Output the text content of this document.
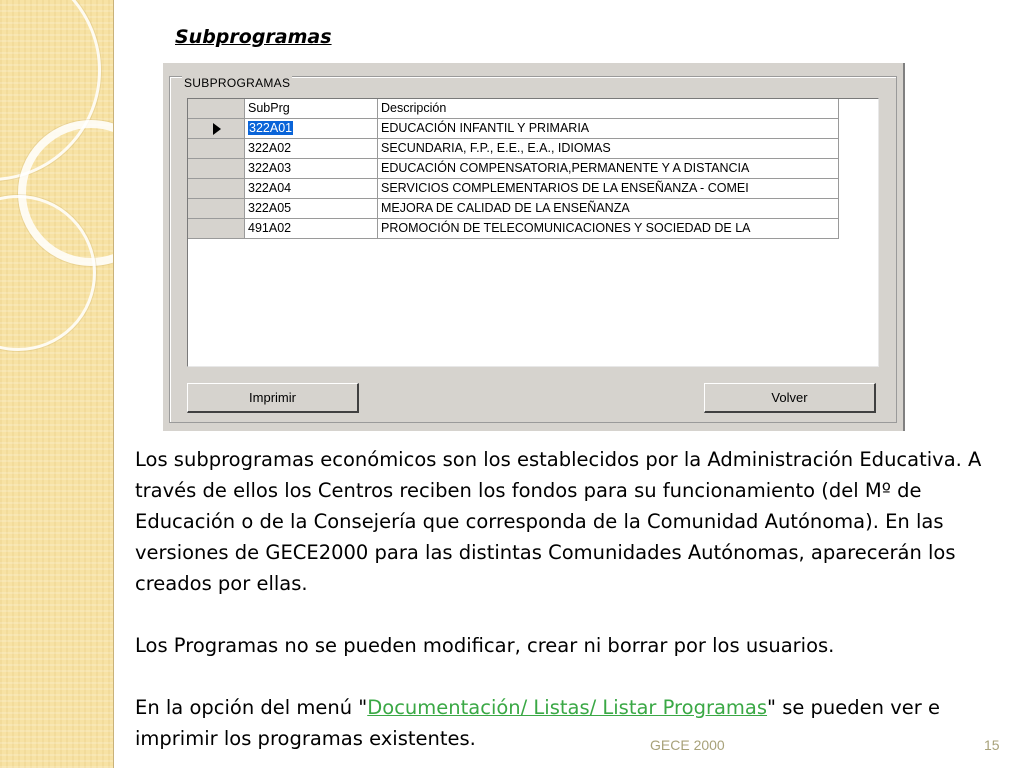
Subprogramas
SUBPROGRAMAS
SubPrg	Descripción
322A01	EDUCACIÓN INFANTIL Y PRIMARIA
322A02	SECUNDARIA, F.P., E.E., E.A., IDIOMAS
322A03	EDUCACIÓN COMPENSATORIA,PERMANENTE Y A DISTANCIA
322A04	SERVICIOS COMPLEMENTARIOS DE LA ENSEÑANZA - COMEI
322A05	MEJORA DE CALIDAD DE LA ENSEÑANZA
491A02	PROMOCIÓN DE TELECOMUNICACIONES Y SOCIEDAD DE LA
Imprimir	Volver

Los subprogramas económicos son los establecidos por la Administración Educativa. A través de ellos los Centros reciben los fondos para su funcionamiento (del Mº de Educación o de la Consejería que corresponda de la Comunidad Autónoma). En las versiones de GECE2000 para las distintas Comunidades Autónomas, aparecerán los creados por ellas.

Los Programas no se pueden modificar, crear ni borrar por los usuarios.

En la opción del menú "Documentación/ Listas/ Listar Programas" se pueden ver e imprimir los programas existentes.	GECE 2000	15
